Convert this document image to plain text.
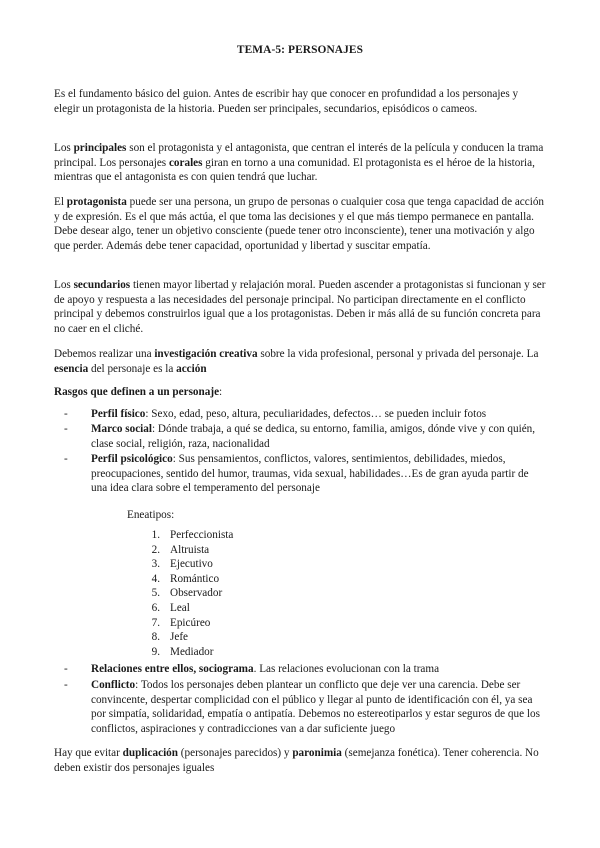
TEMA-5: PERSONAJES

Es el fundamento básico del guion. Antes de escribir hay que conocer en profundidad a los personajes y elegir un protagonista de la historia. Pueden ser principales, secundarios, episódicos o cameos.

Los principales son el protagonista y el antagonista, que centran el interés de la película y conducen la trama principal. Los personajes corales giran en torno a una comunidad. El protagonista es el héroe de la historia, mientras que el antagonista es con quien tendrá que luchar.

El protagonista puede ser una persona, un grupo de personas o cualquier cosa que tenga capacidad de acción y de expresión. Es el que más actúa, el que toma las decisiones y el que más tiempo permanece en pantalla. Debe desear algo, tener un objetivo consciente (puede tener otro inconsciente), tener una motivación y algo que perder. Además debe tener capacidad, oportunidad y libertad y suscitar empatía.

Los secundarios tienen mayor libertad y relajación moral. Pueden ascender a protagonistas si funcionan y ser de apoyo y respuesta a las necesidades del personaje principal. No participan directamente en el conflicto principal y debemos construirlos igual que a los protagonistas. Deben ir más allá de su función concreta para no caer en el cliché.

Debemos realizar una investigación creativa sobre la vida profesional, personal y privada del personaje. La esencia del personaje es la acción

Rasgos que definen a un personaje:

- Perfil físico: Sexo, edad, peso, altura, peculiaridades, defectos… se pueden incluir fotos
- Marco social: Dónde trabaja, a qué se dedica, su entorno, familia, amigos, dónde vive y con quién, clase social, religión, raza, nacionalidad
- Perfil psicológico: Sus pensamientos, conflictos, valores, sentimientos, debilidades, miedos, preocupaciones, sentido del humor, traumas, vida sexual, habilidades…Es de gran ayuda partir de una idea clara sobre el temperamento del personaje
Eneatipos:
1. Perfeccionista
2. Altruista
3. Ejecutivo
4. Romántico
5. Observador
6. Leal
7. Epicúreo
8. Jefe
9. Mediador
- Relaciones entre ellos, sociograma. Las relaciones evolucionan con la trama
- Conflicto: Todos los personajes deben plantear un conflicto que deje ver una carencia. Debe ser convincente, despertar complicidad con el público y llegar al punto de identificación con él, ya sea por simpatía, solidaridad, empatía o antipatía. Debemos no estereotiparlos y estar seguros de que los conflictos, aspiraciones y contradicciones van a dar suficiente juego

Hay que evitar duplicación (personajes parecidos) y paronimia (semejanza fonética). Tener coherencia. No deben existir dos personajes iguales
